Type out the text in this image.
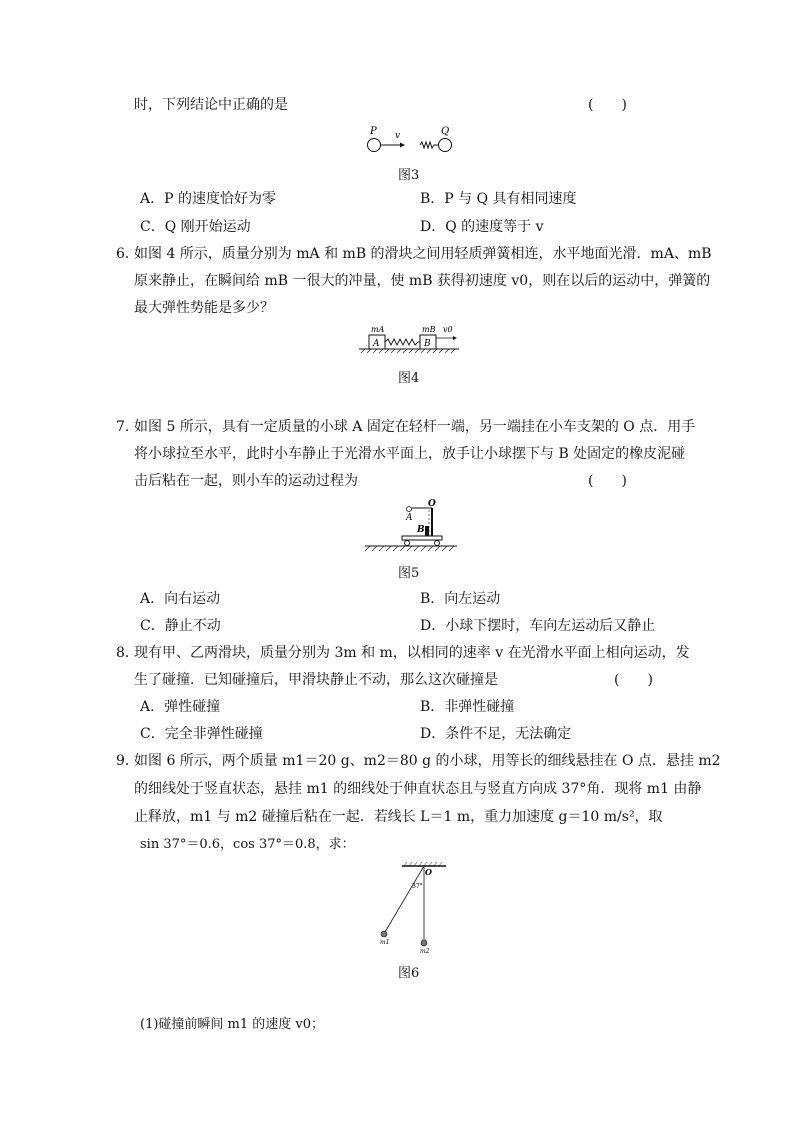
时，下列结论中正确的是	(　　)
P v	Q
图3
A．P 的速度恰好为零	B．P 与 Q 具有相同速度
C．Q 刚开始运动	D．Q 的速度等于 v
6．
如图 4 所示，质量分别为 mA 和 mB 的滑块之间用轻质弹簧相连，水平地面光滑．mA、mB
原来静止，在瞬间给 mB 一很大的冲量，使 mB 获得初速度 v0，则在以后的运动中，弹簧的
最大弹性势能是多少？
mA	mB v0
A	B
图4
7．
如图 5 所示，具有一定质量的小球 A 固定在轻杆一端，另一端挂在小车支架的 O 点．用手
将小球拉至水平，此时小车静止于光滑水平面上，放手让小球摆下与 B 处固定的橡皮泥碰
击后粘在一起，则小车的运动过程为	(　　)
O
A
B
图5
A．向右运动	B．向左运动
C．静止不动	D．小球下摆时，车向左运动后又静止
8．
现有甲、乙两滑块，质量分别为 3m 和 m，以相同的速率 v 在光滑水平面上相向运动，发
生了碰撞．已知碰撞后，甲滑块静止不动，那么这次碰撞是	(　　)
A．弹性碰撞	B．非弹性碰撞
C．完全非弹性碰撞	D．条件不足，无法确定
9. 如图 6 所示，两个质量 m1＝20 g、m2＝80 g 的小球，用等长的细线悬挂在 O 点．悬挂 m2
的细线处于竖直状态，悬挂 m1 的细线处于伸直状态且与竖直方向成 37°角．现将 m1 由静
止释放，m1 与 m2 碰撞后粘在一起．若线长 L＝1 m，重力加速度 g＝10 m/s²，取
sin 37°＝0.6，cos 37°＝0.8，求：
O
37°
m1
m2
图6
(1)碰撞前瞬间 m1 的速度 v0；
